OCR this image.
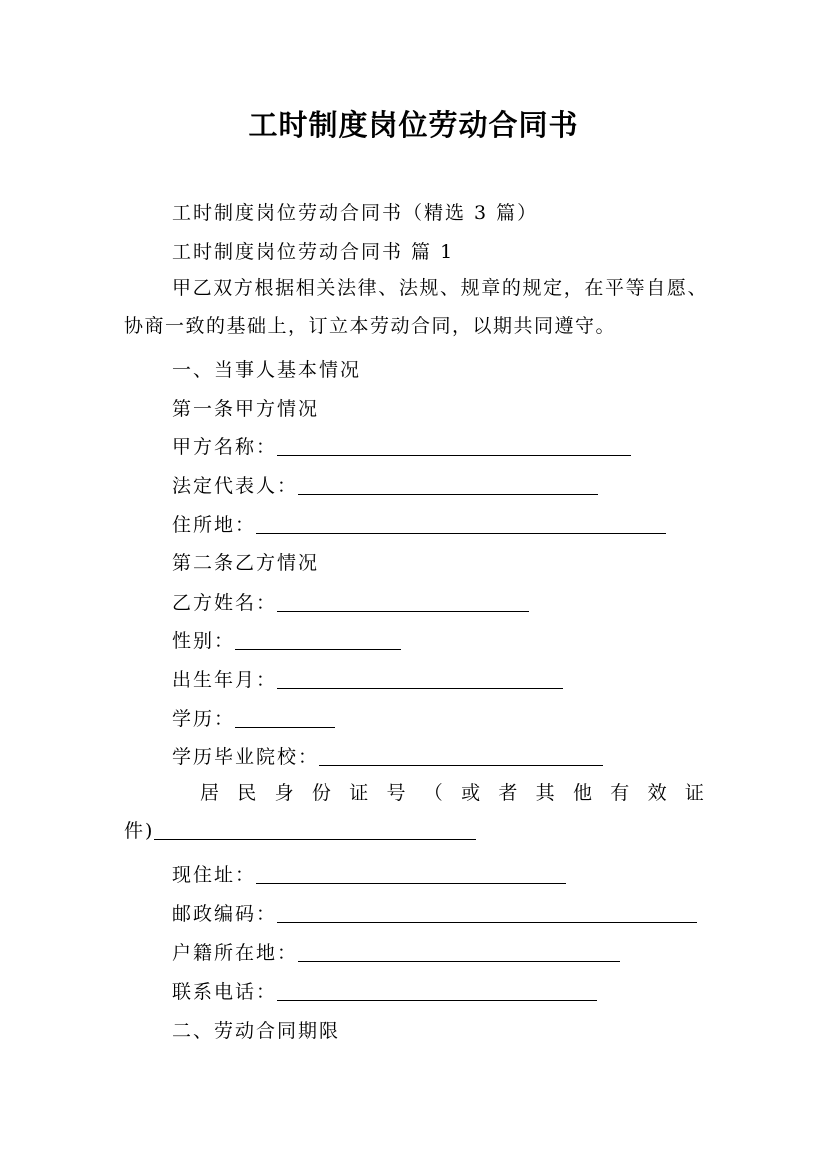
工时制度岗位劳动合同书
工时制度岗位劳动合同书（精选 3 篇）
工时制度岗位劳动合同书 篇 1
甲乙双方根据相关法律、法规、规章的规定，在平等自愿、协商一致的基础上，订立本劳动合同，以期共同遵守。
一、当事人基本情况
第一条甲方情况
甲方名称：
法定代表人：
住所地：
第二条乙方情况
乙方姓名：
性别：
出生年月：
学历：
学历毕业院校：
居 民 身 份 证 号 （ 或 者 其 他 有 效 证
件)
现住址：
邮政编码：
户籍所在地：
联系电话：
二、劳动合同期限
